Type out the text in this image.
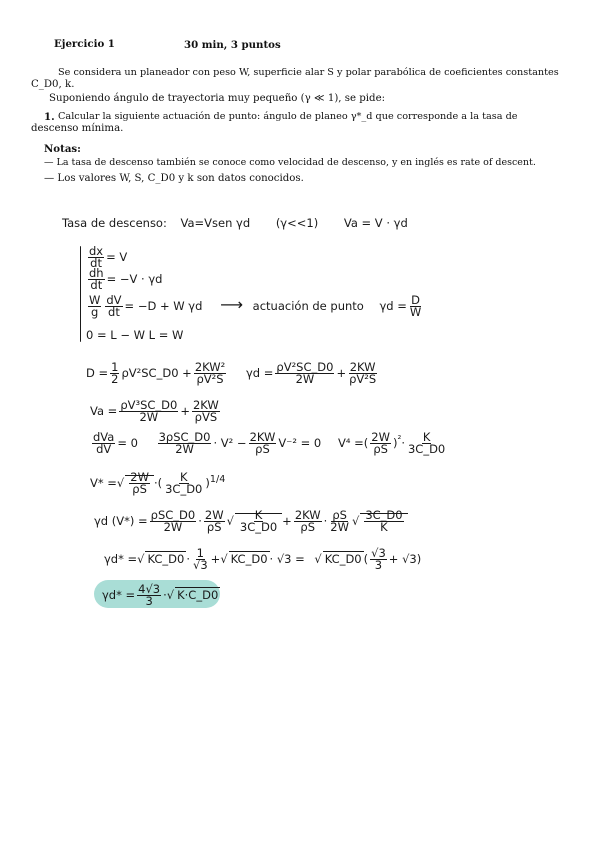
Ejercicio 1	30 min, 3 puntos
Se considera un planeador con peso W, superficie alar S y polar parabólica de coeficientes constantes
C_D0, k.
Suponiendo ángulo de trayectoria muy pequeño (γ ≪ 1), se pide:
1. Calcular la siguiente actuación de punto: ángulo de planeo γ*_d que corresponde a la tasa de
descenso mínima.
Notas:
— La tasa de descenso también se conoce como velocidad de descenso, y en inglés es rate of descent.
— Los valores W, S, C_D0 y k son datos conocidos.
Tasa de descenso: Va=Vsen γd (γ<<1) Va = V · γd
$\frac{dx}{dt} = V$
$\frac{dh}{dt} = -V \cdot \gamma d$
$\frac{W}{g} \frac{dV}{dt} = -D + W$ γd ⟶ actuación de punto $\gamma d = \frac{D}{W}$
0 = L − W L = W
$D = \frac{1}{2}$ ρV²SC_D0 + $\frac{\text{2KW²}}{\text{ρV²S}}$ $\gamma d = \frac{\text{ρV²SC\_D0}}{2W} + \frac{2KW}{\text{ρV²S}}$
$Va = \frac{\text{ρV³SC\_D0}}{2W} + \frac{2KW}{\text{ρVS}}$
$\frac{\text{dVa}}{dV} = 0 \frac{\text{3ρSC\_D0}}{2W} \cdot V^2 - \frac{2KW}{\rho S} V^{-2} = 0$ V⁴ =( $\frac{2W}{\rho S} )^{^2}\cdot \frac{K}{3C\_D0}$
V* =√ $\frac{2W}{\rho S}$ ·( $\frac{K}{3C\_D0} )^{1/4}$
γd $(V*) = \frac{\text{ρSC\_D0}}{2W} \cdot \frac{2W}{\rho S}$ √ $\frac{K}{3C\_D0} + \frac{2KW}{\rho S} \cdot \frac{\rho S}{2W}$ √ $\frac{3C\_D0}{K}$
γd* =√ KC_D0 · $\frac{1}{√3}$ +√ KC_D0 · √3 = √ KC_D0 ( $\frac{√3}{3} + √3$)
$\gamma d* = \frac{4√3}{3}$ ·√ K·C_D0
